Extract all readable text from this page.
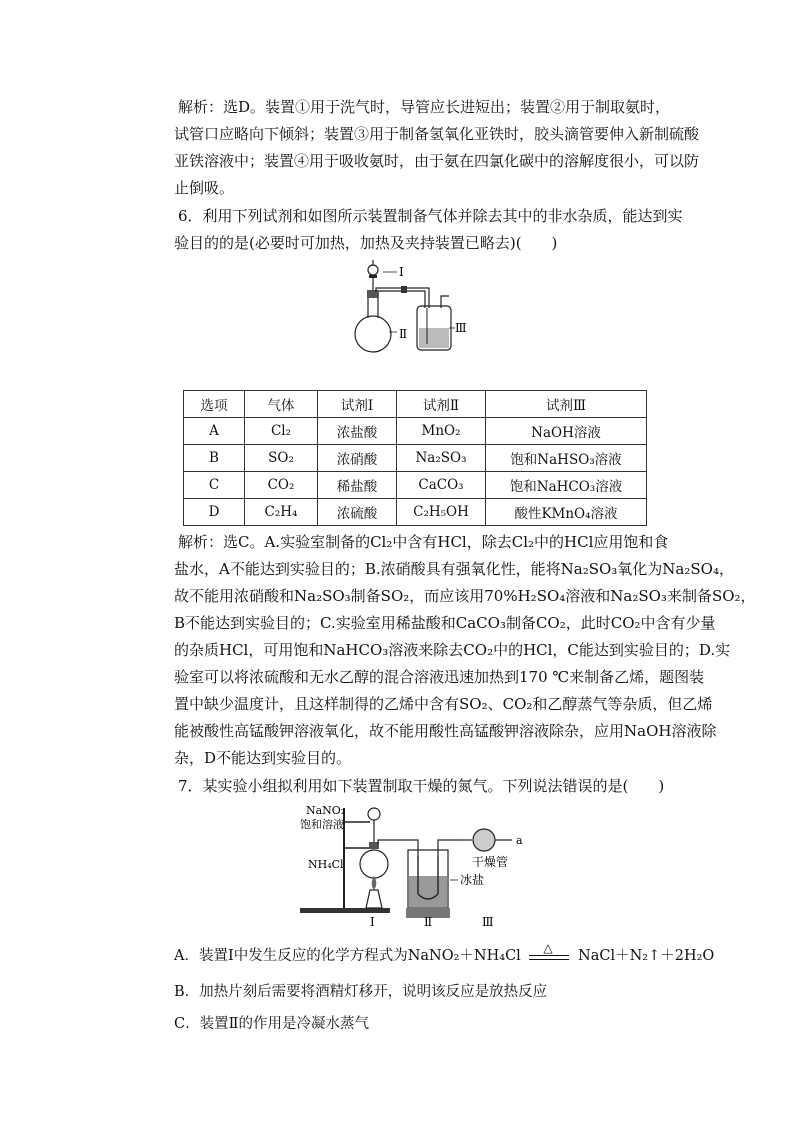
解析：选D。装置①用于洗气时，导管应长进短出；装置②用于制取氨时，
试管口应略向下倾斜；装置③用于制备氢氧化亚铁时，胶头滴管要伸入新制硫酸
亚铁溶液中；装置④用于吸收氨时，由于氨在四氯化碳中的溶解度很小，可以防
止倒吸。
6．利用下列试剂和如图所示装置制备气体并除去其中的非水杂质，能达到实
验目的的是(必要时可加热，加热及夹持装置已略去)(　　)
Ⅰ
Ⅱ	Ⅲ
选项	气体	试剂Ⅰ	试剂Ⅱ	试剂Ⅲ
A	Cl₂	浓盐酸	MnO₂	NaOH溶液
B	SO₂	浓硝酸	Na₂SO₃	饱和NaHSO₃溶液
C	CO₂	稀盐酸	CaCO₃	饱和NaHCO₃溶液
D	C₂H₄	浓硫酸	C₂H₅OH	酸性KMnO₄溶液
解析：选C。A.实验室制备的Cl₂中含有HCl，除去Cl₂中的HCl应用饱和食
盐水，A不能达到实验目的；B.浓硝酸具有强氧化性，能将Na₂SO₃氧化为Na₂SO₄，
故不能用浓硝酸和Na₂SO₃制备SO₂，而应该用70%H₂SO₄溶液和Na₂SO₃来制备SO₂，
B不能达到实验目的；C.实验室用稀盐酸和CaCO₃制备CO₂，此时CO₂中含有少量
的杂质HCl，可用饱和NaHCO₃溶液来除去CO₂中的HCl，C能达到实验目的；D.实
验室可以将浓硫酸和无水乙醇的混合溶液迅速加热到170 ℃来制备乙烯，题图装
置中缺少温度计，且这样制得的乙烯中含有SO₂、CO₂和乙醇蒸气等杂质，但乙烯
能被酸性高锰酸钾溶液氧化，故不能用酸性高锰酸钾溶液除杂，应用NaOH溶液除
杂，D不能达到实验目的。
7．某实验小组拟利用如下装置制取干燥的氮气。下列说法错误的是(　　)
NaNO₂
饱和溶液
NH₄Cl	干燥管
冰盐
a
Ⅰ	Ⅱ	Ⅲ
A．装置Ⅰ中发生反应的化学方程式为NaNO₂＋NH₄Cl △ NaCl＋N₂↑＋2H₂O
B．加热片刻后需要将酒精灯移开，说明该反应是放热反应
C．装置Ⅱ的作用是冷凝水蒸气
